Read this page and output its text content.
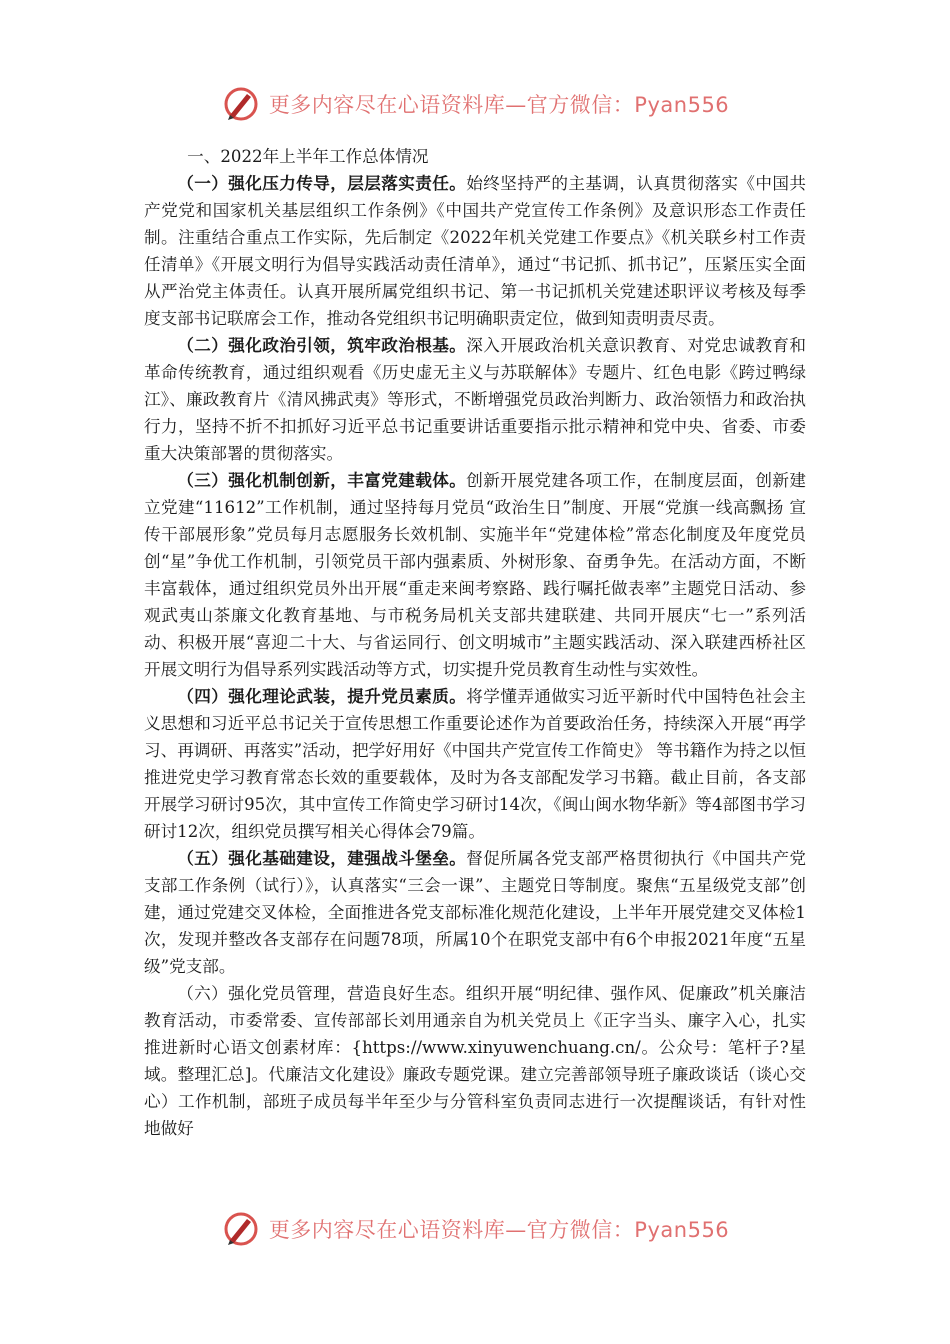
更多内容尽在心语资料库—官方微信：Pyan556

一、2022年上半年工作总体情况

（一）强化压力传导，层层落实责任。始终坚持严的主基调，认真贯彻落实《中国共产党党和国家机关基层组织工作条例》《中国共产党宣传工作条例》及意识形态工作责任制。注重结合重点工作实际，先后制定《2022年机关党建工作要点》《机关联乡村工作责任清单》《开展文明行为倡导实践活动责任清单》，通过“书记抓、抓书记”，压紧压实全面从严治党主体责任。认真开展所属党组织书记、第一书记抓机关党建述职评议考核及每季度支部书记联席会工作，推动各党组织书记明确职责定位，做到知责明责尽责。

（二）强化政治引领，筑牢政治根基。深入开展政治机关意识教育、对党忠诚教育和革命传统教育，通过组织观看《历史虚无主义与苏联解体》专题片、红色电影《跨过鸭绿江》、廉政教育片《清风拂武夷》等形式，不断增强党员政治判断力、政治领悟力和政治执行力，坚持不折不扣抓好习近平总书记重要讲话重要指示批示精神和党中央、省委、市委重大决策部署的贯彻落实。

（三）强化机制创新，丰富党建载体。创新开展党建各项工作，在制度层面，创新建立党建“11612”工作机制，通过坚持每月党员“政治生日”制度、开展“党旗一线高飘扬 宣传干部展形象”党员每月志愿服务长效机制、实施半年“党建体检”常态化制度及年度党员创“星”争优工作机制，引领党员干部内强素质、外树形象、奋勇争先。在活动方面，不断丰富载体，通过组织党员外出开展“重走来闽考察路、践行嘱托做表率”主题党日活动、参观武夷山茶廉文化教育基地、与市税务局机关支部共建联建、共同开展庆“七一”系列活动、积极开展“喜迎二十大、与省运同行、创文明城市”主题实践活动、深入联建西桥社区开展文明行为倡导系列实践活动等方式，切实提升党员教育生动性与实效性。

（四）强化理论武装，提升党员素质。将学懂弄通做实习近平新时代中国特色社会主义思想和习近平总书记关于宣传思想工作重要论述作为首要政治任务，持续深入开展“再学习、再调研、再落实”活动，把学好用好《中国共产党宣传工作简史》 等书籍作为持之以恒推进党史学习教育常态长效的重要载体，及时为各支部配发学习书籍。截止目前，各支部开展学习研讨95次，其中宣传工作简史学习研讨14次，《闽山闽水物华新》等4部图书学习研讨12次，组织党员撰写相关心得体会79篇。

（五）强化基础建设，建强战斗堡垒。督促所属各党支部严格贯彻执行《中国共产党支部工作条例（试行）》，认真落实“三会一课”、主题党日等制度。聚焦“五星级党支部”创建，通过党建交叉体检，全面推进各党支部标准化规范化建设，上半年开展党建交叉体检1次，发现并整改各支部存在问题78项，所属10个在职党支部中有6个申报2021年度“五星级”党支部。

（六）强化党员管理，营造良好生态。组织开展“明纪律、强作风、促廉政”机关廉洁教育活动，市委常委、宣传部部长刘用通亲自为机关党员上《正字当头、廉字入心，扎实推进新时心语文创素材库：{https://www.xinyuwenchuang.cn/。公众号：笔杆子?星域。整理汇总]。代廉洁文化建设》廉政专题党课。建立完善部领导班子廉政谈话（谈心交心）工作机制，部班子成员每半年至少与分管科室负责同志进行一次提醒谈话，有针对性地做好

更多内容尽在心语资料库—官方微信：Pyan556
